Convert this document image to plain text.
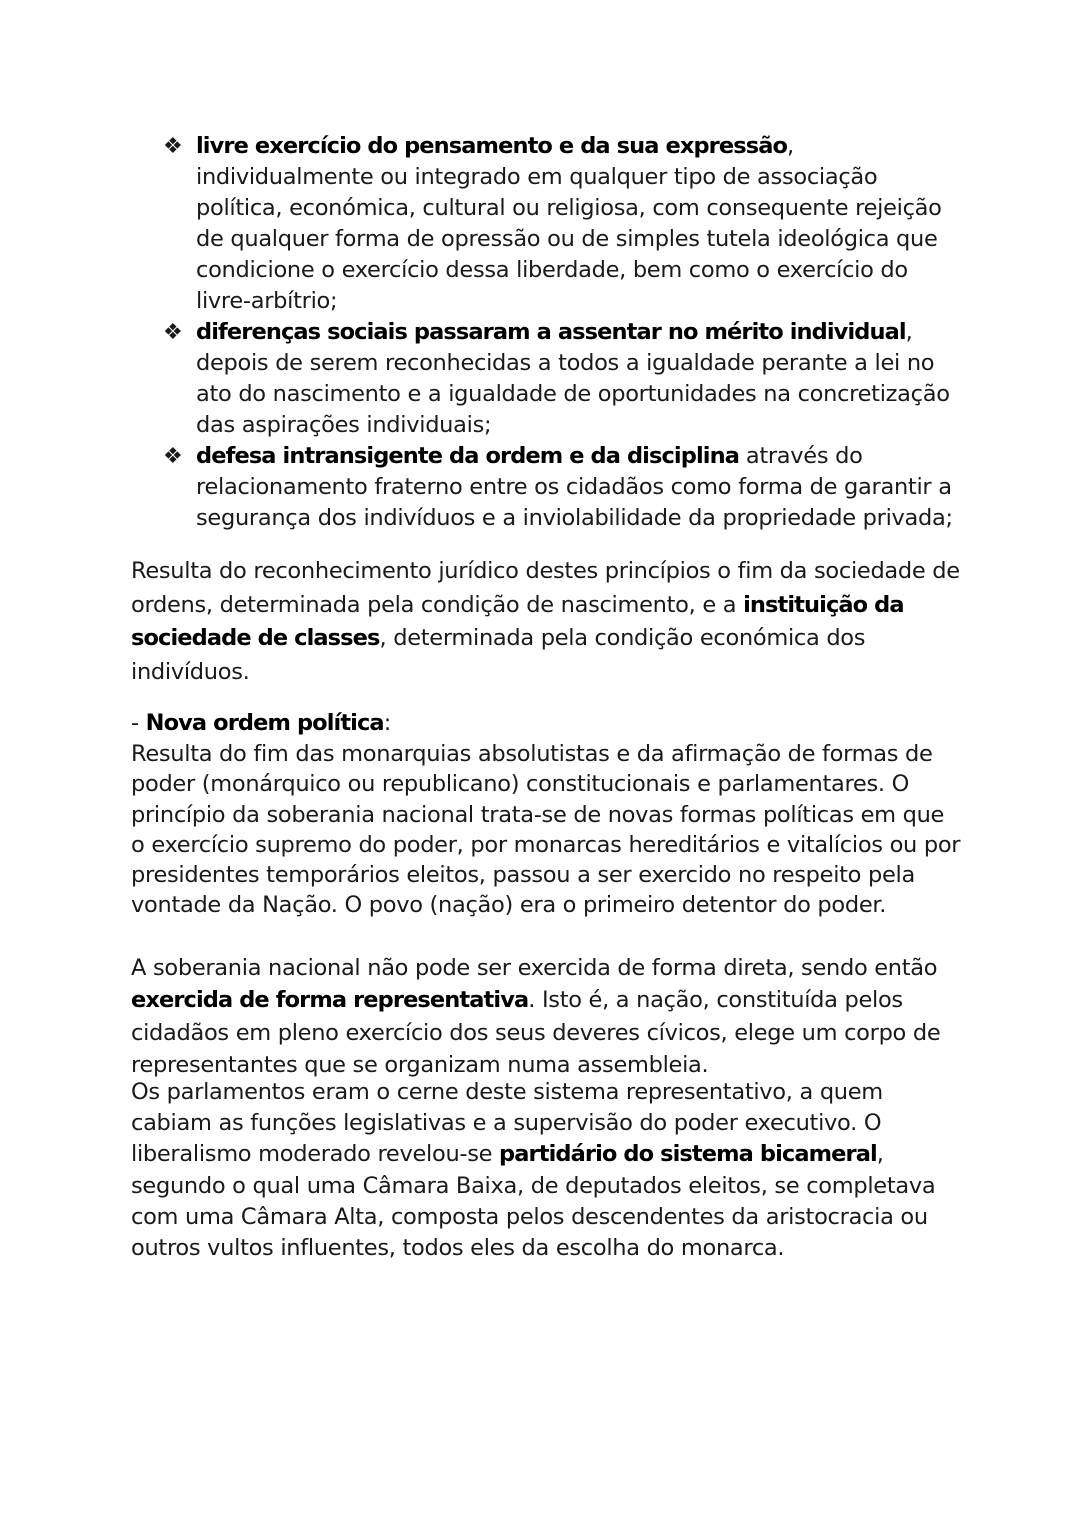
❖ livre exercício do pensamento e da sua expressão, individualmente ou integrado em qualquer tipo de associação política, económica, cultural ou religiosa, com consequente rejeição de qualquer forma de opressão ou de simples tutela ideológica que condicione o exercício dessa liberdade, bem como o exercício do livre-arbítrio;
❖ diferenças sociais passaram a assentar no mérito individual, depois de serem reconhecidas a todos a igualdade perante a lei no ato do nascimento e a igualdade de oportunidades na concretização das aspirações individuais;
❖ defesa intransigente da ordem e da disciplina através do relacionamento fraterno entre os cidadãos como forma de garantir a segurança dos indivíduos e a inviolabilidade da propriedade privada;

Resulta do reconhecimento jurídico destes princípios o fim da sociedade de ordens, determinada pela condição de nascimento, e a instituição da sociedade de classes, determinada pela condição económica dos indivíduos.

- Nova ordem política:

Resulta do fim das monarquias absolutistas e da afirmação de formas de poder (monárquico ou republicano) constitucionais e parlamentares. O princípio da soberania nacional trata-se de novas formas políticas em que o exercício supremo do poder, por monarcas hereditários e vitalícios ou por presidentes temporários eleitos, passou a ser exercido no respeito pela vontade da Nação. O povo (nação) era o primeiro detentor do poder.

A soberania nacional não pode ser exercida de forma direta, sendo então exercida de forma representativa. Isto é, a nação, constituída pelos cidadãos em pleno exercício dos seus deveres cívicos, elege um corpo de representantes que se organizam numa assembleia.

Os parlamentos eram o cerne deste sistema representativo, a quem cabiam as funções legislativas e a supervisão do poder executivo. O liberalismo moderado revelou-se partidário do sistema bicameral, segundo o qual uma Câmara Baixa, de deputados eleitos, se completava com uma Câmara Alta, composta pelos descendentes da aristocracia ou outros vultos influentes, todos eles da escolha do monarca.
